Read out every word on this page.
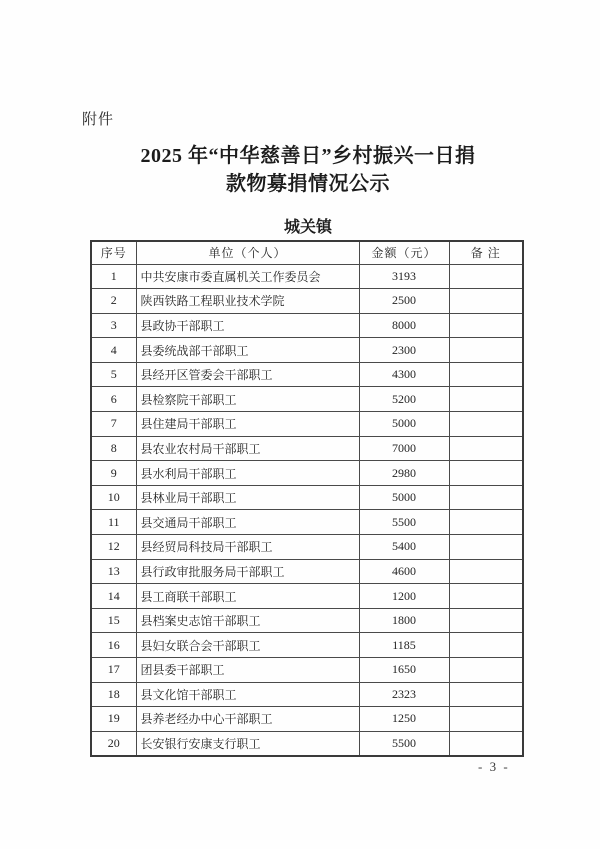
附件
2025 年“中华慈善日”乡村振兴一日捐
款物募捐情况公示
城关镇
序号	单位（个人）	金额（元）	备 注
1	中共安康市委直属机关工作委员会	3193	
2	陕西铁路工程职业技术学院	2500	
3	县政协干部职工	8000	
4	县委统战部干部职工	2300	
5	县经开区管委会干部职工	4300	
6	县检察院干部职工	5200	
7	县住建局干部职工	5000	
8	县农业农村局干部职工	7000	
9	县水利局干部职工	2980	
10	县林业局干部职工	5000	
11	县交通局干部职工	5500	
12	县经贸局科技局干部职工	5400	
13	县行政审批服务局干部职工	4600	
14	县工商联干部职工	1200	
15	县档案史志馆干部职工	1800	
16	县妇女联合会干部职工	1185	
17	团县委干部职工	1650	
18	县文化馆干部职工	2323	
19	县养老经办中心干部职工	1250	
20	长安银行安康支行职工	5500	
- 3 -
